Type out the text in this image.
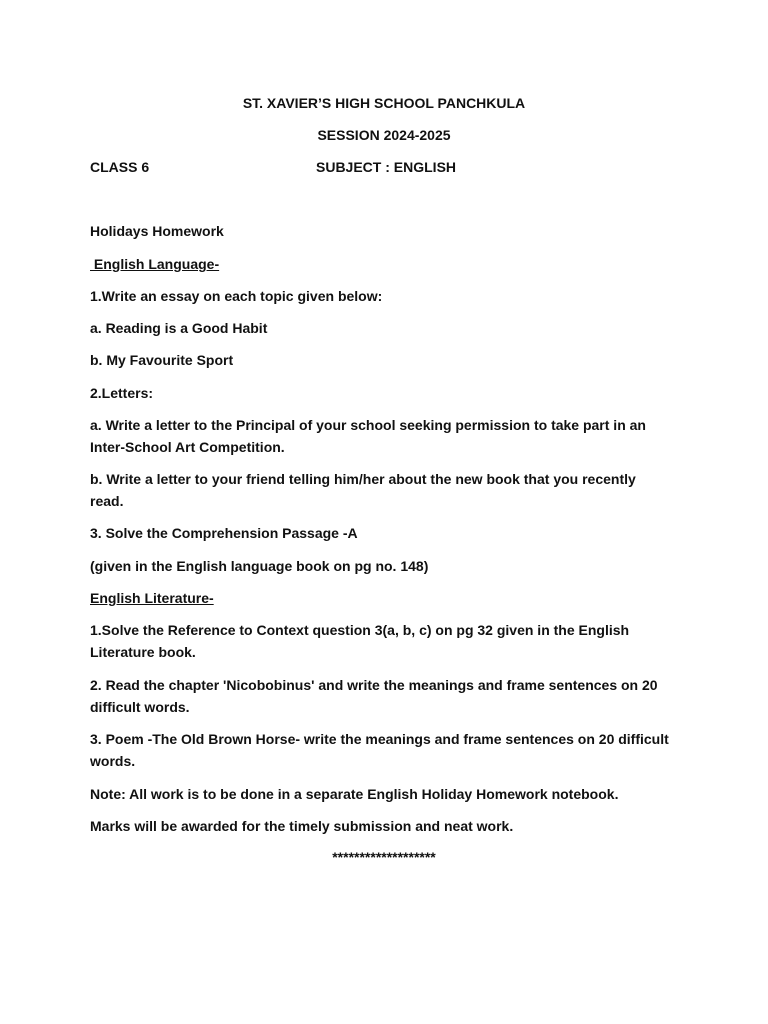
ST. XAVIER’S HIGH SCHOOL PANCHKULA
SESSION 2024-2025
CLASS 6	SUBJECT : ENGLISH
Holidays Homework
English Language-
1.Write an essay on each topic given below:
a. Reading is a Good Habit
b. My Favourite Sport
2.Letters:
a. Write a letter to the Principal of your school seeking permission to take part in an
Inter-School Art Competition.
b. Write a letter to your friend telling him/her about the new book that you recently
read.
3. Solve the Comprehension Passage -A
(given in the English language book on pg no. 148)
English Literature-
1.Solve the Reference to Context question 3(a, b, c) on pg 32 given in the English
Literature book.
2. Read the chapter 'Nicobobinus' and write the meanings and frame sentences on 20
difficult words.
3. Poem -The Old Brown Horse- write the meanings and frame sentences on 20 difficult
words.
Note: All work is to be done in a separate English Holiday Homework notebook.
Marks will be awarded for the timely submission and neat work.
*******************
